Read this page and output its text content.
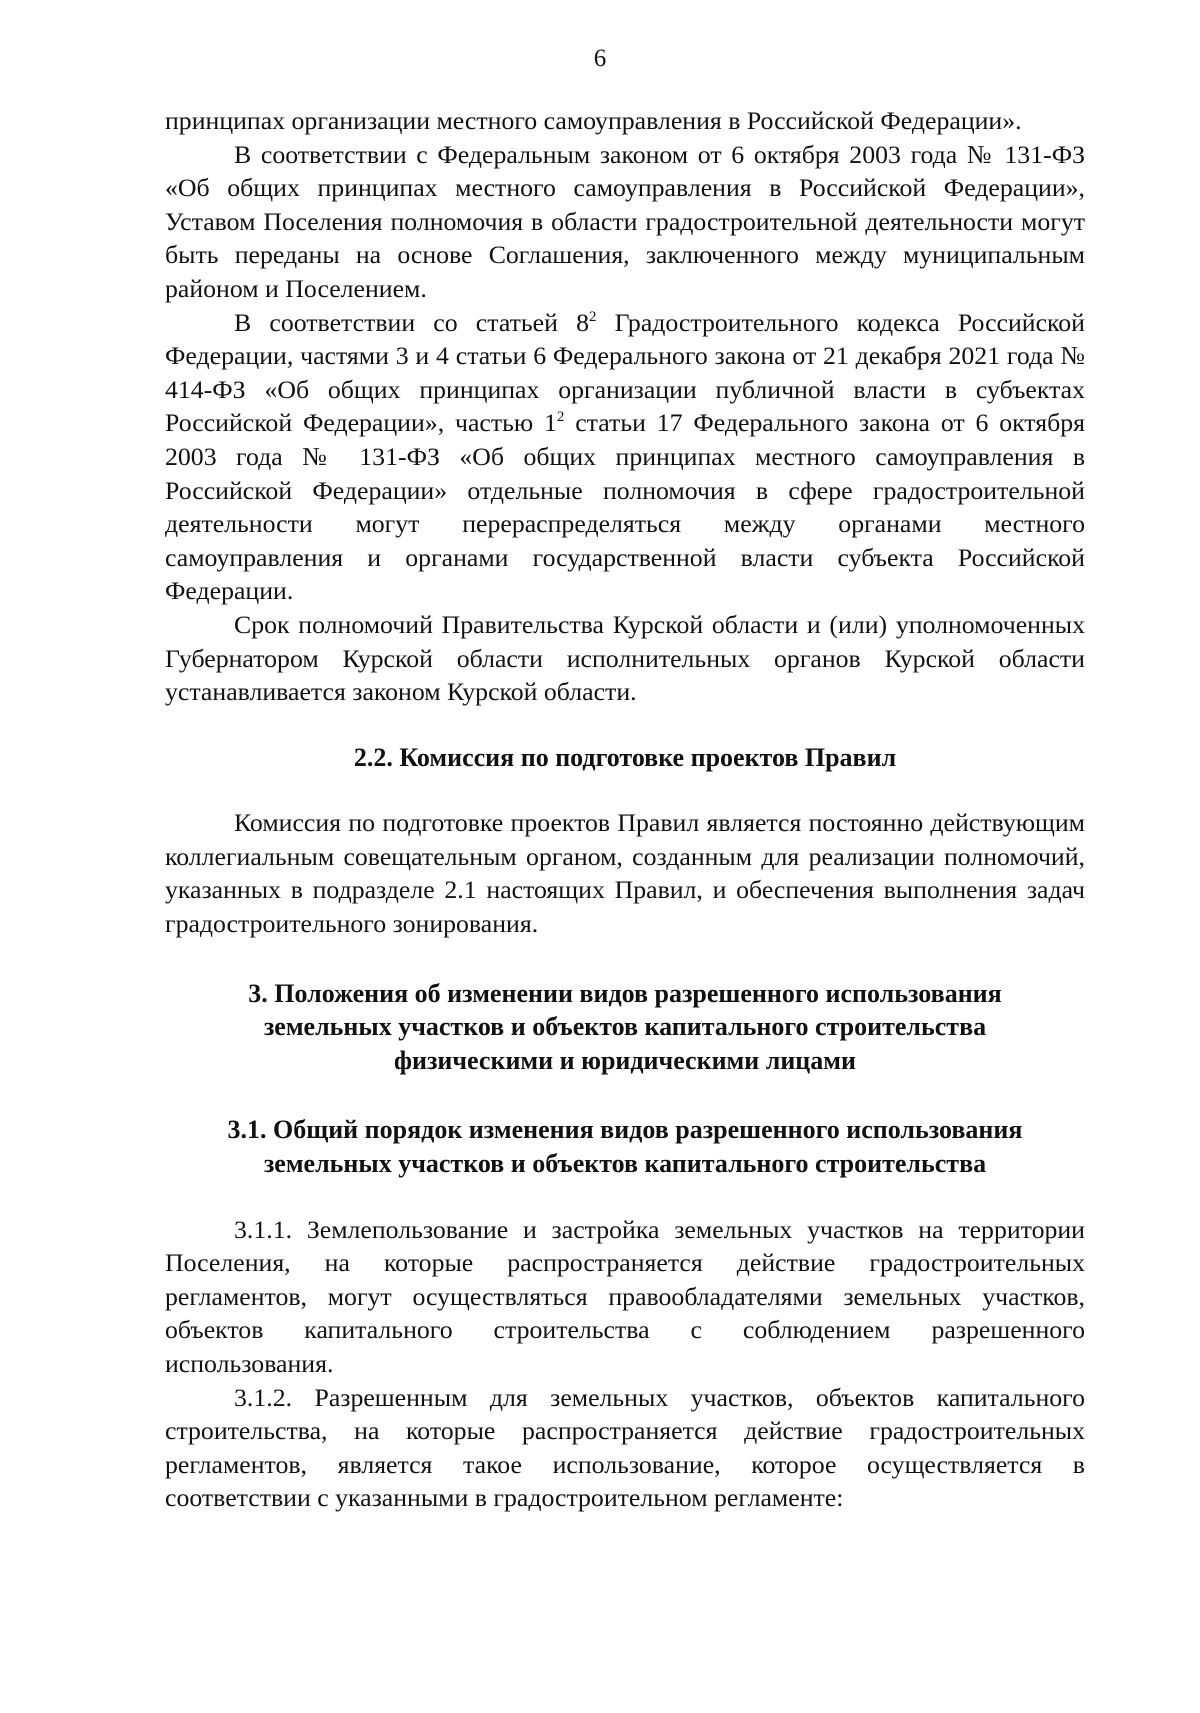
6

принципах организации местного самоуправления в Российской Федерации».

В соответствии с Федеральным законом от 6 октября 2003 года № 131-ФЗ «Об общих принципах местного самоуправления в Российской Федерации», Уставом Поселения полномочия в области градостроительной деятельности могут быть переданы на основе Соглашения, заключенного между муниципальным районом и Поселением.

В соответствии со статьей $8^2$ Градостроительного кодекса Российской Федерации, частями 3 и 4 статьи 6 Федерального закона от 21 декабря 2021 года № 414-ФЗ «Об общих принципах организации публичной власти в субъектах Российской Федерации», частью $1^2$ статьи 17 Федерального закона от 6 октября 2003 года № 131-ФЗ «Об общих принципах местного самоуправления в Российской Федерации» отдельные полномочия в сфере градостроительной деятельности могут перераспределяться между органами местного самоуправления и органами государственной власти субъекта Российской Федерации.

Срок полномочий Правительства Курской области и (или) уполномоченных Губернатором Курской области исполнительных органов Курской области устанавливается законом Курской области.

2.2. Комиссия по подготовке проектов Правил

Комиссия по подготовке проектов Правил является постоянно действующим коллегиальным совещательным органом, созданным для реализации полномочий, указанных в подразделе 2.1 настоящих Правил, и обеспечения выполнения задач градостроительного зонирования.

3. Положения об изменении видов разрешенного использования

земельных участков и объектов капитального строительства

физическими и юридическими лицами

3.1. Общий порядок изменения видов разрешенного использования

земельных участков и объектов капитального строительства

3.1.1. Землепользование и застройка земельных участков на территории Поселения, на которые распространяется действие градостроительных регламентов, могут осуществляться правообладателями земельных участков, объектов капитального строительства с соблюдением разрешенного использования.

3.1.2. Разрешенным для земельных участков, объектов капитального строительства, на которые распространяется действие градостроительных регламентов, является такое использование, которое осуществляется в соответствии с указанными в градостроительном регламенте:
